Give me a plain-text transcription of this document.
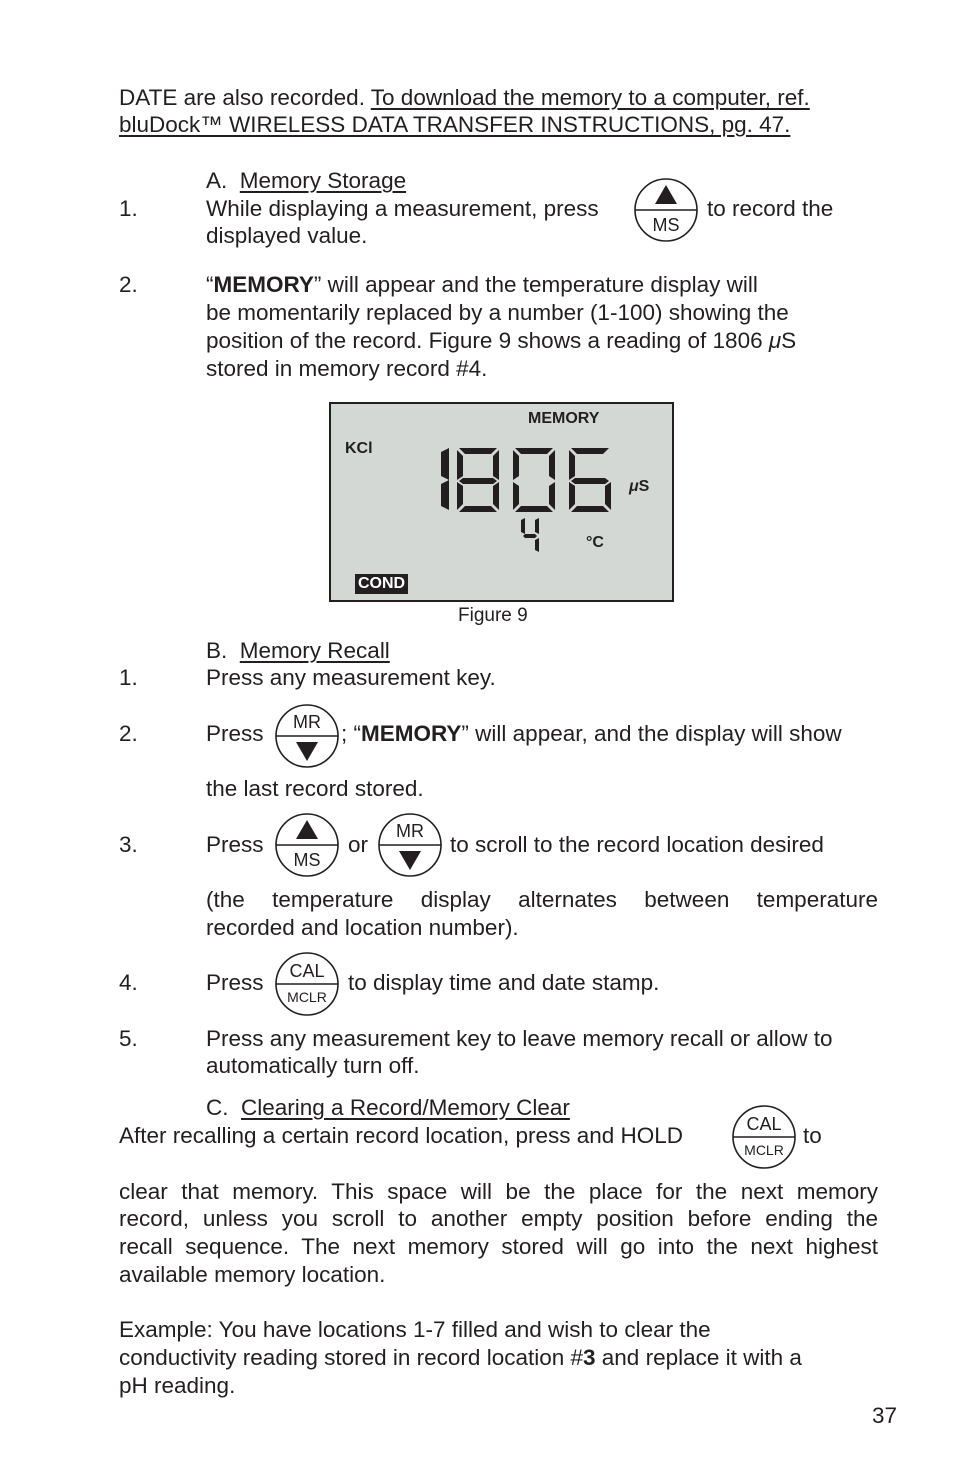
DATE are also recorded. To download the memory to a computer, ref.
bluDock™ WIRELESS DATA TRANSFER INSTRUCTIONS, pg. 47.
A. Memory Storage
1.	While displaying a measurement, press
MS
to record the
displayed value.
2.	“MEMORY” will appear and the temperature display will
be momentarily replaced by a number (1-100) showing the
position of the record. Figure 9 shows a reading of 1806 μS
stored in memory record #4.
MEMORY
KCl
μS
°C
COND
Figure 9
B. Memory Recall
1.	Press any measurement key.
2.	Press MR ; “MEMORY” will appear, and the display will show
the last record stored.
3.	Press
MS
or
MR
to scroll to the record location desired
(the temperature display alternates between temperature
recorded and location number).
4.	Press CAL
MCLR
to display time and date stamp.
5.	Press any measurement key to leave memory recall or allow to
automatically turn off.
C. Clearing a Record/Memory Clear
After recalling a certain record location, press and HOLD	CAL
MCLR
to
clear that memory. This space will be the place for the next memory
record, unless you scroll to another empty position before ending the
recall sequence. The next memory stored will go into the next highest
available memory location.
Example: You have locations 1-7 filled and wish to clear the
conductivity reading stored in record location #3 and replace it with a
pH reading.
37
